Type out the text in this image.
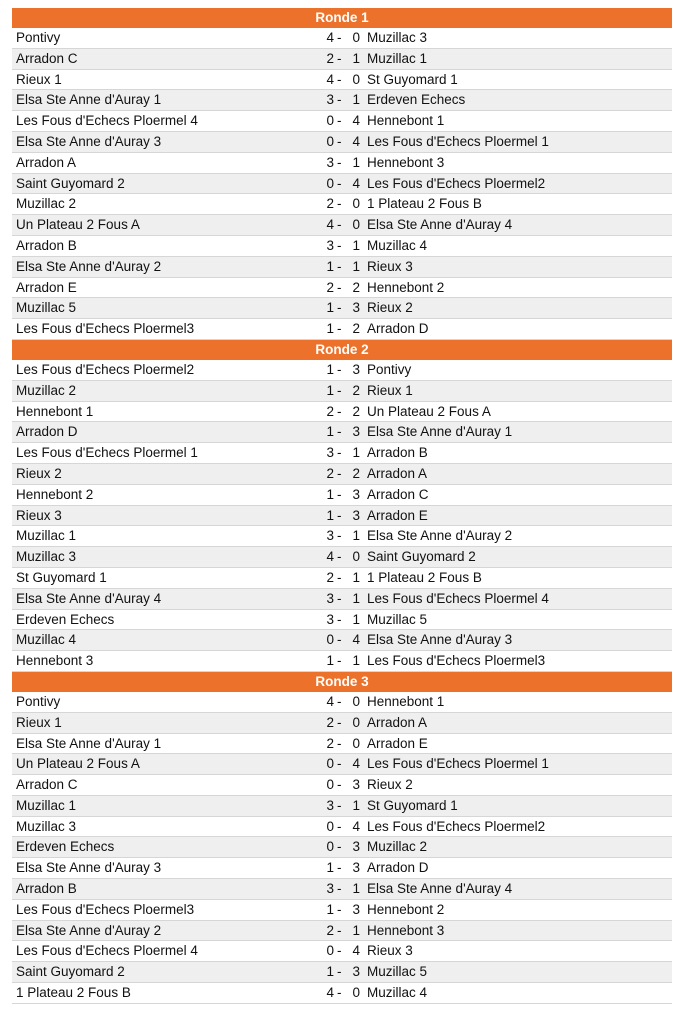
Ronde 1
Pontivy	4 - 0 Muzillac 3
Arradon C	2 - 1 Muzillac 1
Rieux 1	4 - 0 St Guyomard 1
Elsa Ste Anne d'Auray 1	3 - 1 Erdeven Echecs
Les Fous d'Echecs Ploermel 4	0 - 4 Hennebont 1
Elsa Ste Anne d'Auray 3	0 - 4 Les Fous d'Echecs Ploermel 1
Arradon A	3 - 1 Hennebont 3
Saint Guyomard 2	0 - 4 Les Fous d'Echecs Ploermel2
Muzillac 2	2 - 0 1 Plateau 2 Fous B
Un Plateau 2 Fous A	4 - 0 Elsa Ste Anne d'Auray 4
Arradon B	3 - 1 Muzillac 4
Elsa Ste Anne d'Auray 2	1 - 1 Rieux 3
Arradon E	2 - 2 Hennebont 2
Muzillac 5	1 - 3 Rieux 2
Les Fous d'Echecs Ploermel3	1 - 2 Arradon D
Ronde 2
Les Fous d'Echecs Ploermel2	1 - 3 Pontivy
Muzillac 2	1 - 2 Rieux 1
Hennebont 1	2 - 2 Un Plateau 2 Fous A
Arradon D	1 - 3 Elsa Ste Anne d'Auray 1
Les Fous d'Echecs Ploermel 1	3 - 1 Arradon B
Rieux 2	2 - 2 Arradon A
Hennebont 2	1 - 3 Arradon C
Rieux 3	1 - 3 Arradon E
Muzillac 1	3 - 1 Elsa Ste Anne d'Auray 2
Muzillac 3	4 - 0 Saint Guyomard 2
St Guyomard 1	2 - 1 1 Plateau 2 Fous B
Elsa Ste Anne d'Auray 4	3 - 1 Les Fous d'Echecs Ploermel 4
Erdeven Echecs	3 - 1 Muzillac 5
Muzillac 4	0 - 4 Elsa Ste Anne d'Auray 3
Hennebont 3	1 - 1 Les Fous d'Echecs Ploermel3
Ronde 3
Pontivy	4 - 0 Hennebont 1
Rieux 1	2 - 0 Arradon A
Elsa Ste Anne d'Auray 1	2 - 0 Arradon E
Un Plateau 2 Fous A	0 - 4 Les Fous d'Echecs Ploermel 1
Arradon C	0 - 3 Rieux 2
Muzillac 1	3 - 1 St Guyomard 1
Muzillac 3	0 - 4 Les Fous d'Echecs Ploermel2
Erdeven Echecs	0 - 3 Muzillac 2
Elsa Ste Anne d'Auray 3	1 - 3 Arradon D
Arradon B	3 - 1 Elsa Ste Anne d'Auray 4
Les Fous d'Echecs Ploermel3	1 - 3 Hennebont 2
Elsa Ste Anne d'Auray 2	2 - 1 Hennebont 3
Les Fous d'Echecs Ploermel 4	0 - 4 Rieux 3
Saint Guyomard 2	1 - 3 Muzillac 5
1 Plateau 2 Fous B	4 - 0 Muzillac 4
